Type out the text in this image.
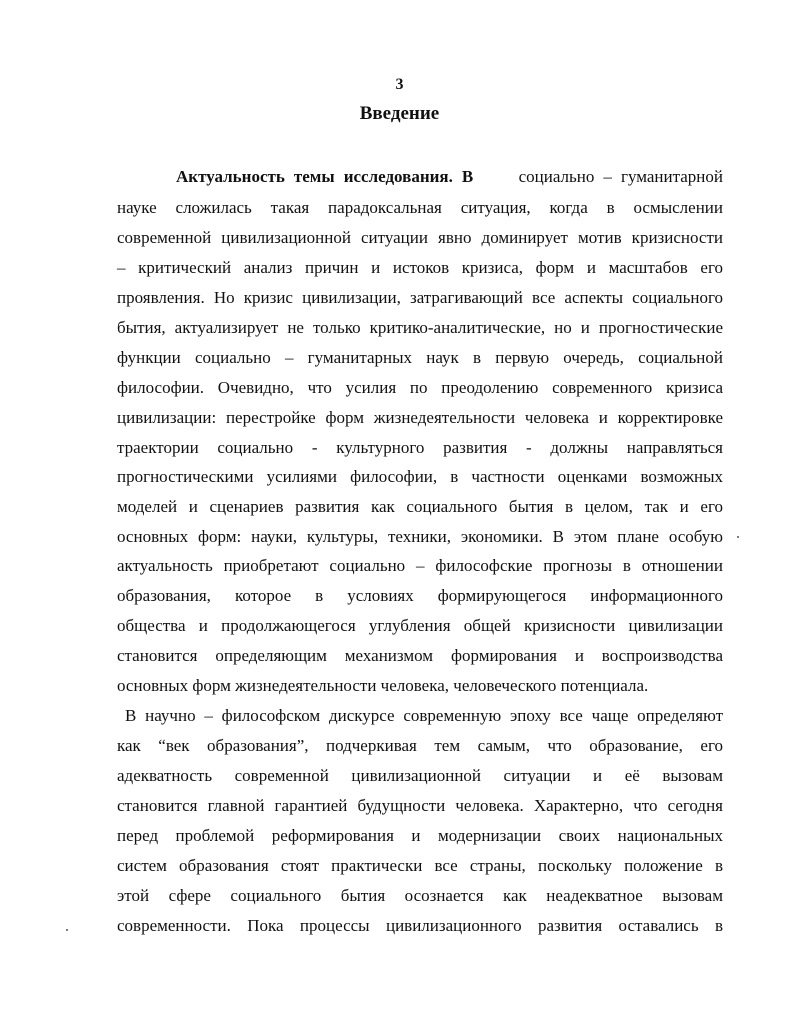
3
Введение
Актуальность темы исследования. В	социально – гуманитарной
науке сложилась такая парадоксальная ситуация, когда в осмыслении
современной цивилизационной ситуации явно доминирует мотив кризисности
– критический анализ причин и истоков кризиса, форм и масштабов его
проявления. Но кризис цивилизации, затрагивающий все аспекты социального
бытия, актуализирует не только критико-аналитические, но и прогностические
функции социально – гуманитарных наук в первую очередь, социальной
философии. Очевидно, что усилия по преодолению современного кризиса
цивилизации: перестройке форм жизнедеятельности человека и корректировке
траектории социально - культурного развития - должны направляться
прогностическими усилиями философии, в частности оценками возможных
моделей и сценариев развития как социального бытия в целом, так и его
основных форм: науки, культуры, техники, экономики. В этом плане особую
актуальность приобретают социально – философские прогнозы в отношении
образования, которое в условиях формирующегося информационного
общества и продолжающегося углубления общей кризисности цивилизации
становится определяющим механизмом формирования и воспроизводства
основных форм жизнедеятельности человека, человеческого потенциала.
В научно – философском дискурсе современную эпоху все чаще определяют
как “век образования”, подчеркивая тем самым, что образование, его
адекватность современной цивилизационной ситуации и её вызовам
становится главной гарантией будущности человека. Характерно, что сегодня
перед проблемой реформирования и модернизации своих национальных
систем образования стоят практически все страны, поскольку положение в
этой сфере социального бытия осознается как неадекватное вызовам
современности. Пока процессы цивилизационного развития оставались в
